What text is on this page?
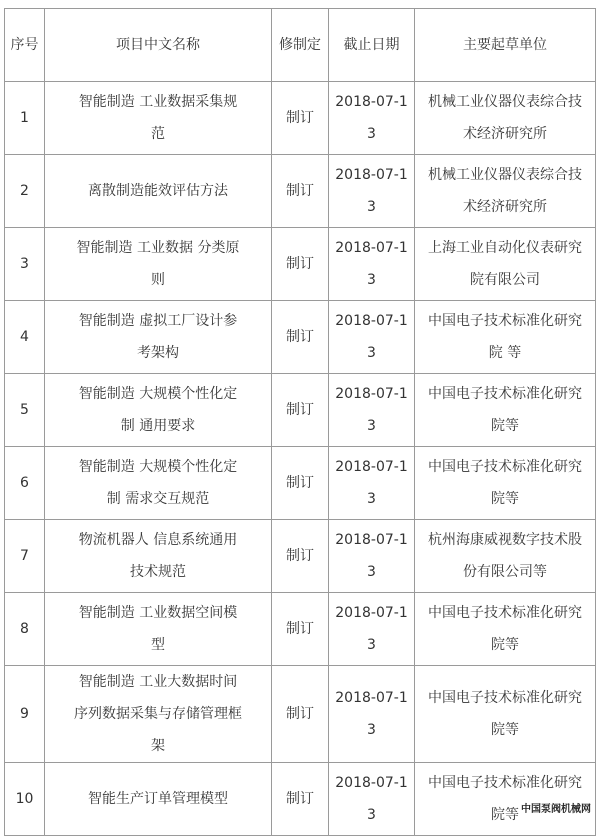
序号	项目中文名称	修制定	截止日期	主要起草单位

1	智能制造 工业数据采集规范	制订	2018-07-13	机械工业仪器仪表综合技术经济研究所

2	离散制造能效评估方法	制订	2018-07-13	机械工业仪器仪表综合技术经济研究所

3	智能制造 工业数据 分类原则	制订	2018-07-13	上海工业自动化仪表研究院有限公司

4	智能制造 虚拟工厂设计参考架构	制订	2018-07-13	中国电子技术标准化研究院 等

5	智能制造 大规模个性化定制 通用要求	制订	2018-07-13	中国电子技术标准化研究院等

6	智能制造 大规模个性化定制 需求交互规范	制订	2018-07-13	中国电子技术标准化研究院等

7	物流机器人 信息系统通用技术规范	制订	2018-07-13	杭州海康威视数字技术股份有限公司等

8	智能制造 工业数据空间模型	制订	2018-07-13	中国电子技术标准化研究院等

9	智能制造 工业大数据时间序列数据采集与存储管理框架	制订	2018-07-13	中国电子技术标准化研究院等

10	智能生产订单管理模型	制订	2018-07-13	中国电子技术标准化研究院等 中国泵阀机械网
